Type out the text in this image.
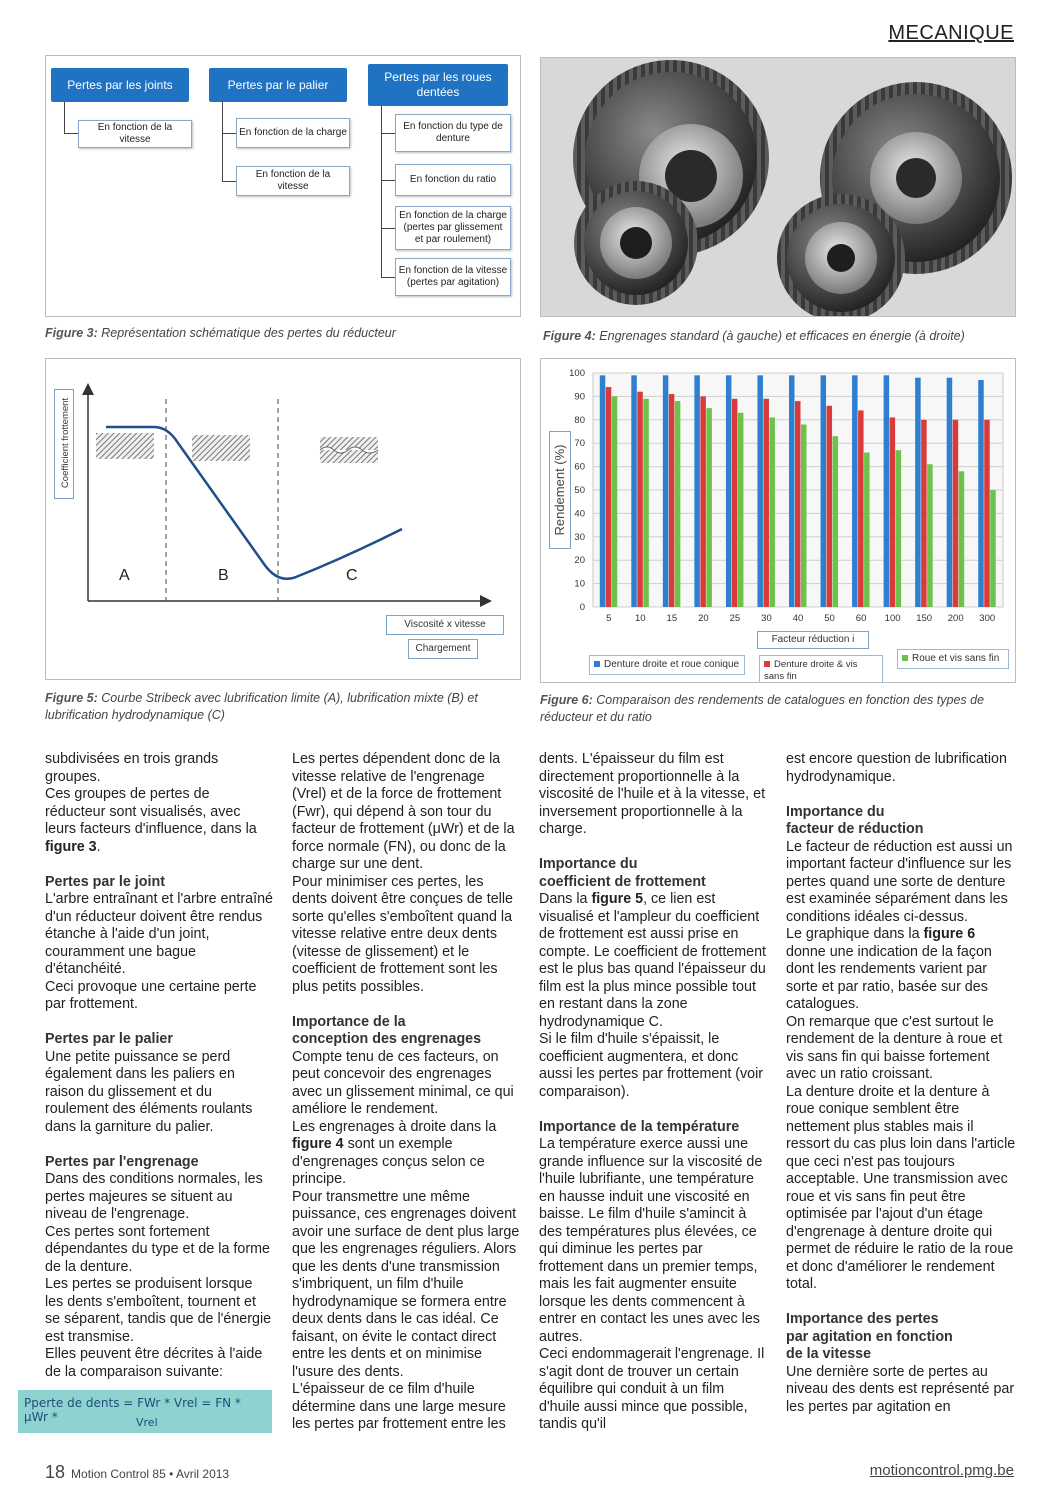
MECANIQUE
Pertes par les joints	Pertes par le palier
Pertes par les roues dentées
En fonction de la vitesse
En fonction de la charge
En fonction de la vitesse
En fonction du type de denture
En fonction du ratio
En fonction de la charge (pertes par glissement et par roulement)
En fonction de la vitesse (pertes par agitation)
Figure 3: Représentation schématique des pertes du réducteur	Figure 4: Engrenages standard (à gauche) et efficaces en énergie (à droite)
Coefficient frottement
A	B	C
Viscosité x vitesse
Chargement
Figure 5: Courbe Stribeck avec lubrification limite (A), lubrification mixte (B) et lubrification hydrodynamique (C)
0
10
20
30
40
50
60
70
80
90
100
5 10 15 20 25 30 40 50 60 100 150 200 300
Rendement (%)
Facteur réduction i
Denture droite et roue conique	Denture droite & vis sans fin
Roue et vis sans fin
Figure 6: Comparaison des rendements de catalogues en fonction des types de réducteur et du ratio

subdivisées en trois grands groupes.

Ces groupes de pertes de réducteur sont visualisés, avec leurs facteurs d'influence, dans la figure 3.

Pertes par le joint

L'arbre entraînant et l'arbre entraîné d'un réducteur doivent être rendus étanche à l'aide d'un joint, couramment une bague d'étanchéité.

Ceci provoque une certaine perte par frottement.

Pertes par le palier

Une petite puissance se perd également dans les paliers en raison du glissement et du roulement des éléments roulants dans la garniture du palier.

Pertes par l'engrenage

Dans des conditions normales, les pertes majeures se situent au niveau de l'engrenage.

Ces pertes sont fortement dépendantes du type et de la forme de la denture.

Les pertes se produisent lorsque les dents s'emboîtent, tournent et se séparent, tandis que de l'énergie est transmise.

Elles peuvent être décrites à l'aide de la comparaison suivante:

Pperte de dents = FWr * Vrel = FN * μWr *	Vrel

Les pertes dépendent donc de la vitesse relative de l'engrenage (Vrel) et de la force de frottement (Fwr), qui dépend à son tour du facteur de frottement (μWr) et de la force normale (FN), ou donc de la charge sur une dent.

Pour minimiser ces pertes, les dents doivent être conçues de telle sorte qu'elles s'emboîtent quand la vitesse relative entre deux dents (vitesse de glissement) et le coefficient de frottement sont les plus petits possibles.

Importance de la
conception des engrenages

Compte tenu de ces facteurs, on peut concevoir des engrenages avec un glissement minimal, ce qui améliore le rendement.

Les engrenages à droite dans la figure 4 sont un exemple d'engrenages conçus selon ce principe.

Pour transmettre une même puissance, ces engrenages doivent avoir une surface de dent plus large que les engrenages réguliers. Alors que les dents d'une transmission s'imbriquent, un film d'huile hydrodynamique se formera entre deux dents dans le cas idéal. Ce faisant, on évite le contact direct entre les dents et on minimise l'usure des dents.

L'épaisseur de ce film d'huile détermine dans une large mesure les pertes par frottement entre les

dents. L'épaisseur du film est directement proportionnelle à la viscosité de l'huile et à la vitesse, et inversement proportionnelle à la charge.

Importance du
coefficient de frottement

Dans la figure 5, ce lien est visualisé et l'ampleur du coefficient de frottement est aussi prise en compte. Le coefficient de frottement est le plus bas quand l'épaisseur du film est la plus mince possible tout en restant dans la zone hydrodynamique C.

Si le film d'huile s'épaissit, le coefficient augmentera, et donc aussi les pertes par frottement (voir comparaison).

Importance de la température

La température exerce aussi une grande influence sur la viscosité de l'huile lubrifiante, une température en hausse induit une viscosité en baisse. Le film d'huile s'amincit à des températures plus élevées, ce qui diminue les pertes par frottement dans un premier temps, mais les fait augmenter ensuite lorsque les dents commencent à entrer en contact les unes avec les autres.

Ceci endommagerait l'engrenage. Il s'agit dont de trouver un certain équilibre qui conduit à un film d'huile aussi mince que possible, tandis qu'il

est encore question de lubrification hydrodynamique.

Importance du
facteur de réduction

Le facteur de réduction est aussi un important facteur d'influence sur les pertes quand une sorte de denture est examinée séparément dans les conditions idéales ci-dessus.

Le graphique dans la figure 6 donne une indication de la façon dont les rendements varient par sorte et par ratio, basée sur des catalogues.

On remarque que c'est surtout le rendement de la denture à roue et vis sans fin qui baisse fortement avec un ratio croissant.

La denture droite et la denture à roue conique semblent être nettement plus stables mais il ressort du cas plus loin dans l'article que ceci n'est pas toujours acceptable. Une transmission avec roue et vis sans fin peut être optimisée par l'ajout d'un étage d'engrenage à denture droite qui permet de réduire le ratio de la roue et donc d'améliorer le rendement total.

Importance des pertes
par agitation en fonction
de la vitesse

Une dernière sorte de pertes au niveau des dents est représenté par les pertes par agitation en

18 Motion Control 85 • Avril 2013	motioncontrol.pmg.be
